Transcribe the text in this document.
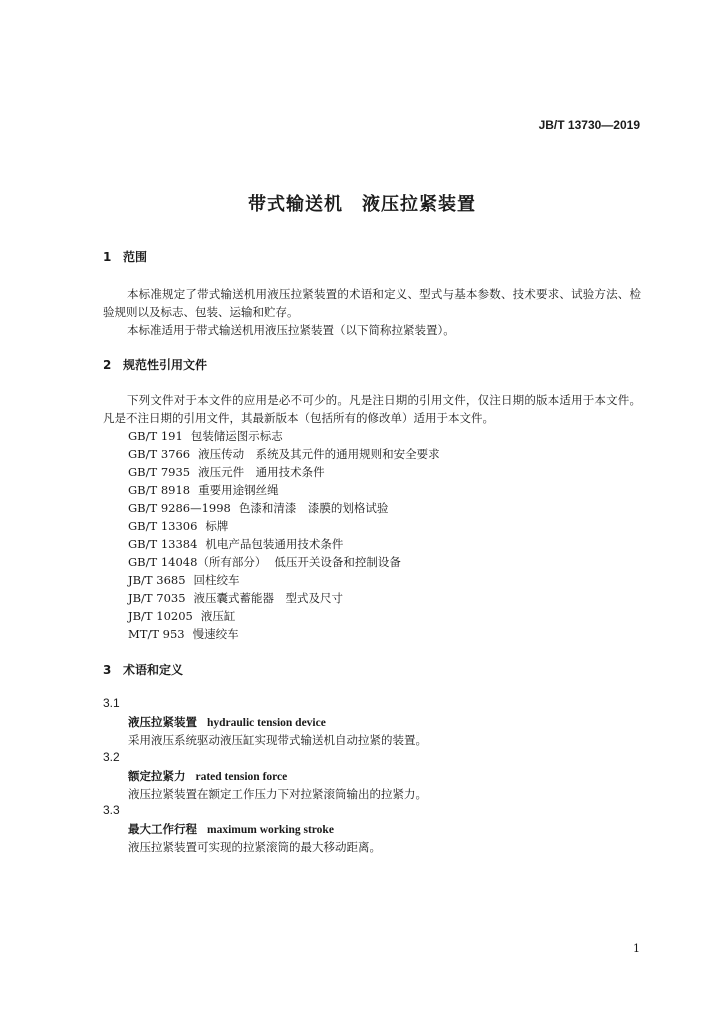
JB/T 13730—2019
带式输送机　液压拉紧装置
1 范围
本标准规定了带式输送机用液压拉紧装置的术语和定义、型式与基本参数、技术要求、试验方法、检验规则以及标志、包装、运输和贮存。
本标准适用于带式输送机用液压拉紧装置（以下简称拉紧装置）。
2 规范性引用文件
下列文件对于本文件的应用是必不可少的。凡是注日期的引用文件，仅注日期的版本适用于本文件。凡是不注日期的引用文件，其最新版本（包括所有的修改单）适用于本文件。
GB/T 191 包装储运图示标志
GB/T 3766 液压传动　系统及其元件的通用规则和安全要求
GB/T 7935 液压元件　通用技术条件
GB/T 8918 重要用途钢丝绳
GB/T 9286—1998 色漆和清漆　漆膜的划格试验
GB/T 13306 标牌
GB/T 13384 机电产品包装通用技术条件
GB/T 14048（所有部分） 低压开关设备和控制设备
JB/T 3685 回柱绞车
JB/T 7035 液压囊式蓄能器　型式及尺寸
JB/T 10205 液压缸
MT/T 953 慢速绞车
3 术语和定义
3.1
液压拉紧装置 hydraulic tension device
采用液压系统驱动液压缸实现带式输送机自动拉紧的装置。
3.2
额定拉紧力 rated tension force
液压拉紧装置在额定工作压力下对拉紧滚筒输出的拉紧力。
3.3
最大工作行程 maximum working stroke
液压拉紧装置可实现的拉紧滚筒的最大移动距离。
1
